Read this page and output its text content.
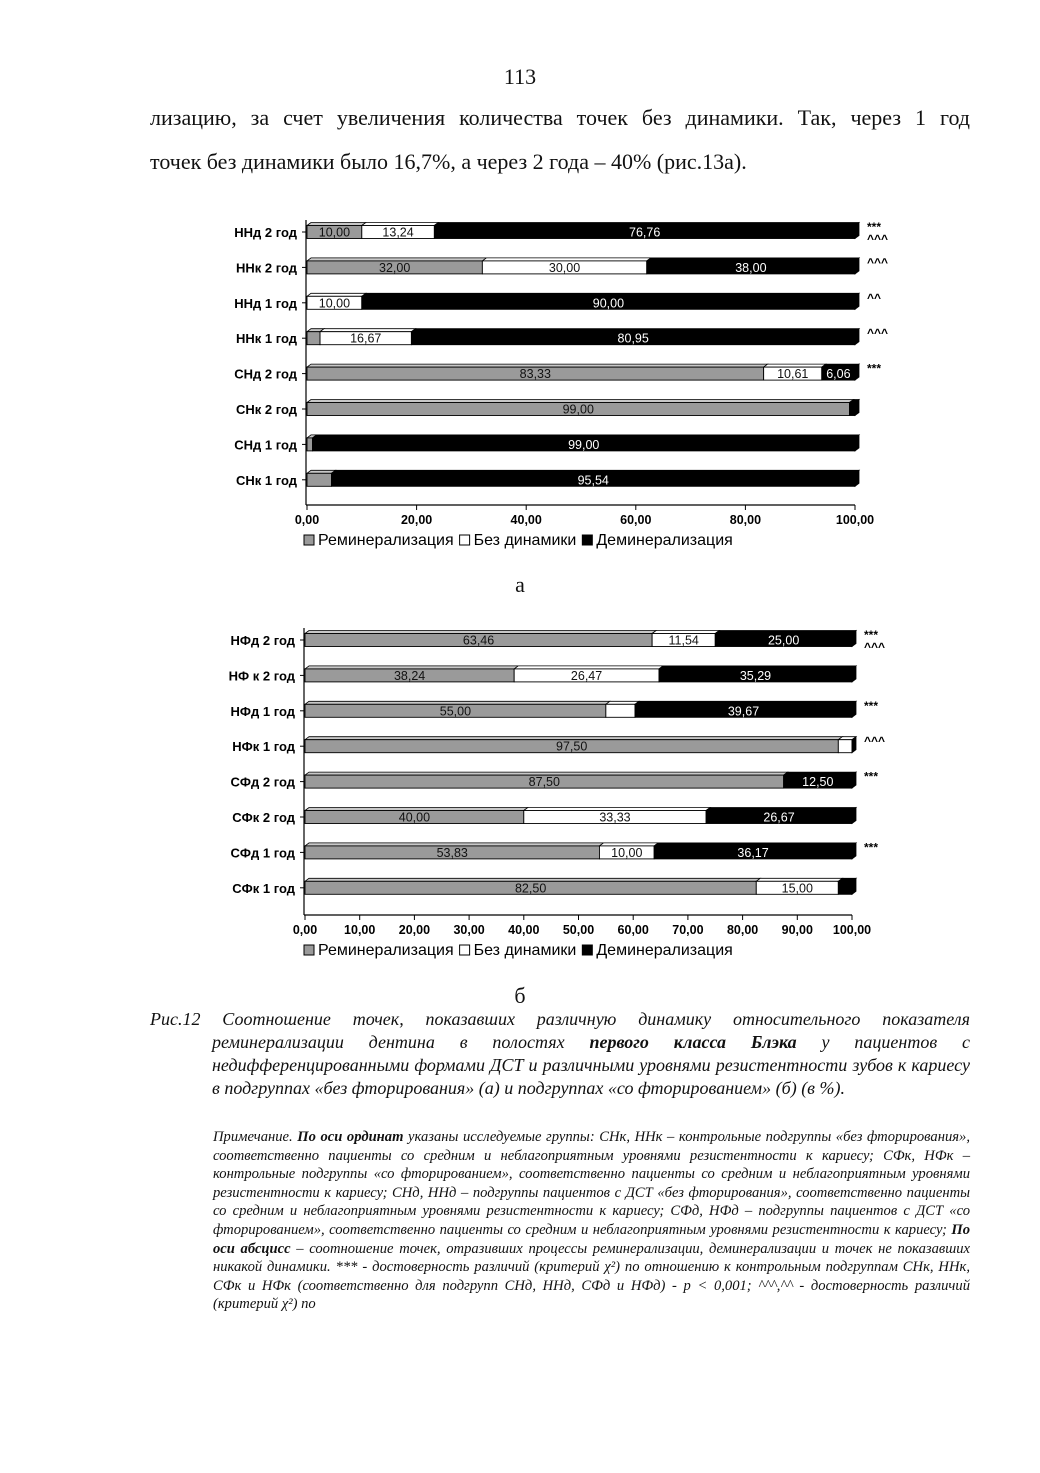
113

лизацию, за счет увеличения количества точек без динамики. Так, через 1 год

точек без динамики было 16,7%, а через 2 года – 40% (рис.13а).

0,00	20,00	40,00	60,00	80,00	100,00
ННд 2 год 10,00	13,24	76,76	***
^^^
ННк 2 год	32,00	30,00	38,00	^^^
ННд 1 год 10,00	90,00	^^
ННк 1 год	16,67	80,95	^^^
СНд 2 год	83,33	10,61 6,06 ***
СНк 2 год	99,00
СНд 1 год	99,00
СНк 1 год	95,54
Реминерализация Без динамики Деминерализация
а
0,00 10,00 20,00 30,00 40,00 50,00 60,00 70,00 80,00 90,00 100,00
НФд 2 год	63,46	11,54	25,00	***
^^^
НФ к 2 год	38,24	26,47	35,29
НФд 1 год	55,00	39,67	***
НФк 1 год	97,50	^^^
СФд 2 год	87,50	12,50	***
СФк 2 год	40,00	33,33	26,67
СФд 1 год	53,83	10,00	36,17	***
СФк 1 год	82,50	15,00
Реминерализация Без динамики Деминерализация
б

Рис.12 Соотношение точек, показавших различную динамику относительного показателя реминерализации дентина в полостях первого класса Блэка у пациентов с недифференцированными формами ДСТ и различными уровнями резистентности зубов к кариесу в подгруппах «без фторирования» (а) и подгруппах «со фторированием» (б) (в %).

Примечание. По оси ординат указаны исследуемые группы: СНк, ННк – контрольные подгруппы «без фторирования», соответственно пациенты со средним и неблагоприятным уровнями резистентности к кариесу; СФк, НФк – контрольные подгруппы «со фторированием», соответственно пациенты со средним и неблагоприятным уровнями резистентности к кариесу; СНд, ННд – подгруппы пациентов с ДСТ «без фторирования», соответственно пациенты со средним и неблагоприятным уровнями резистентности к кариесу; СФд, НФд – подгруппы пациентов с ДСТ «со фторированием», соответственно пациенты со средним и неблагоприятным уровнями резистентности к кариесу; По оси абсцисс – соотношение точек, отразивших процессы реминерализации, деминерализации и точек не показавших никакой динамики. *** - достоверность различий (критерий χ²) по отношению к контрольным подгруппам СНк, ННк, СФк и НФк (соответственно для подгрупп СНд, ННд, СФд и НФд) - p < 0,001; ^^^,^^ - достоверность различий (критерий χ²) по
